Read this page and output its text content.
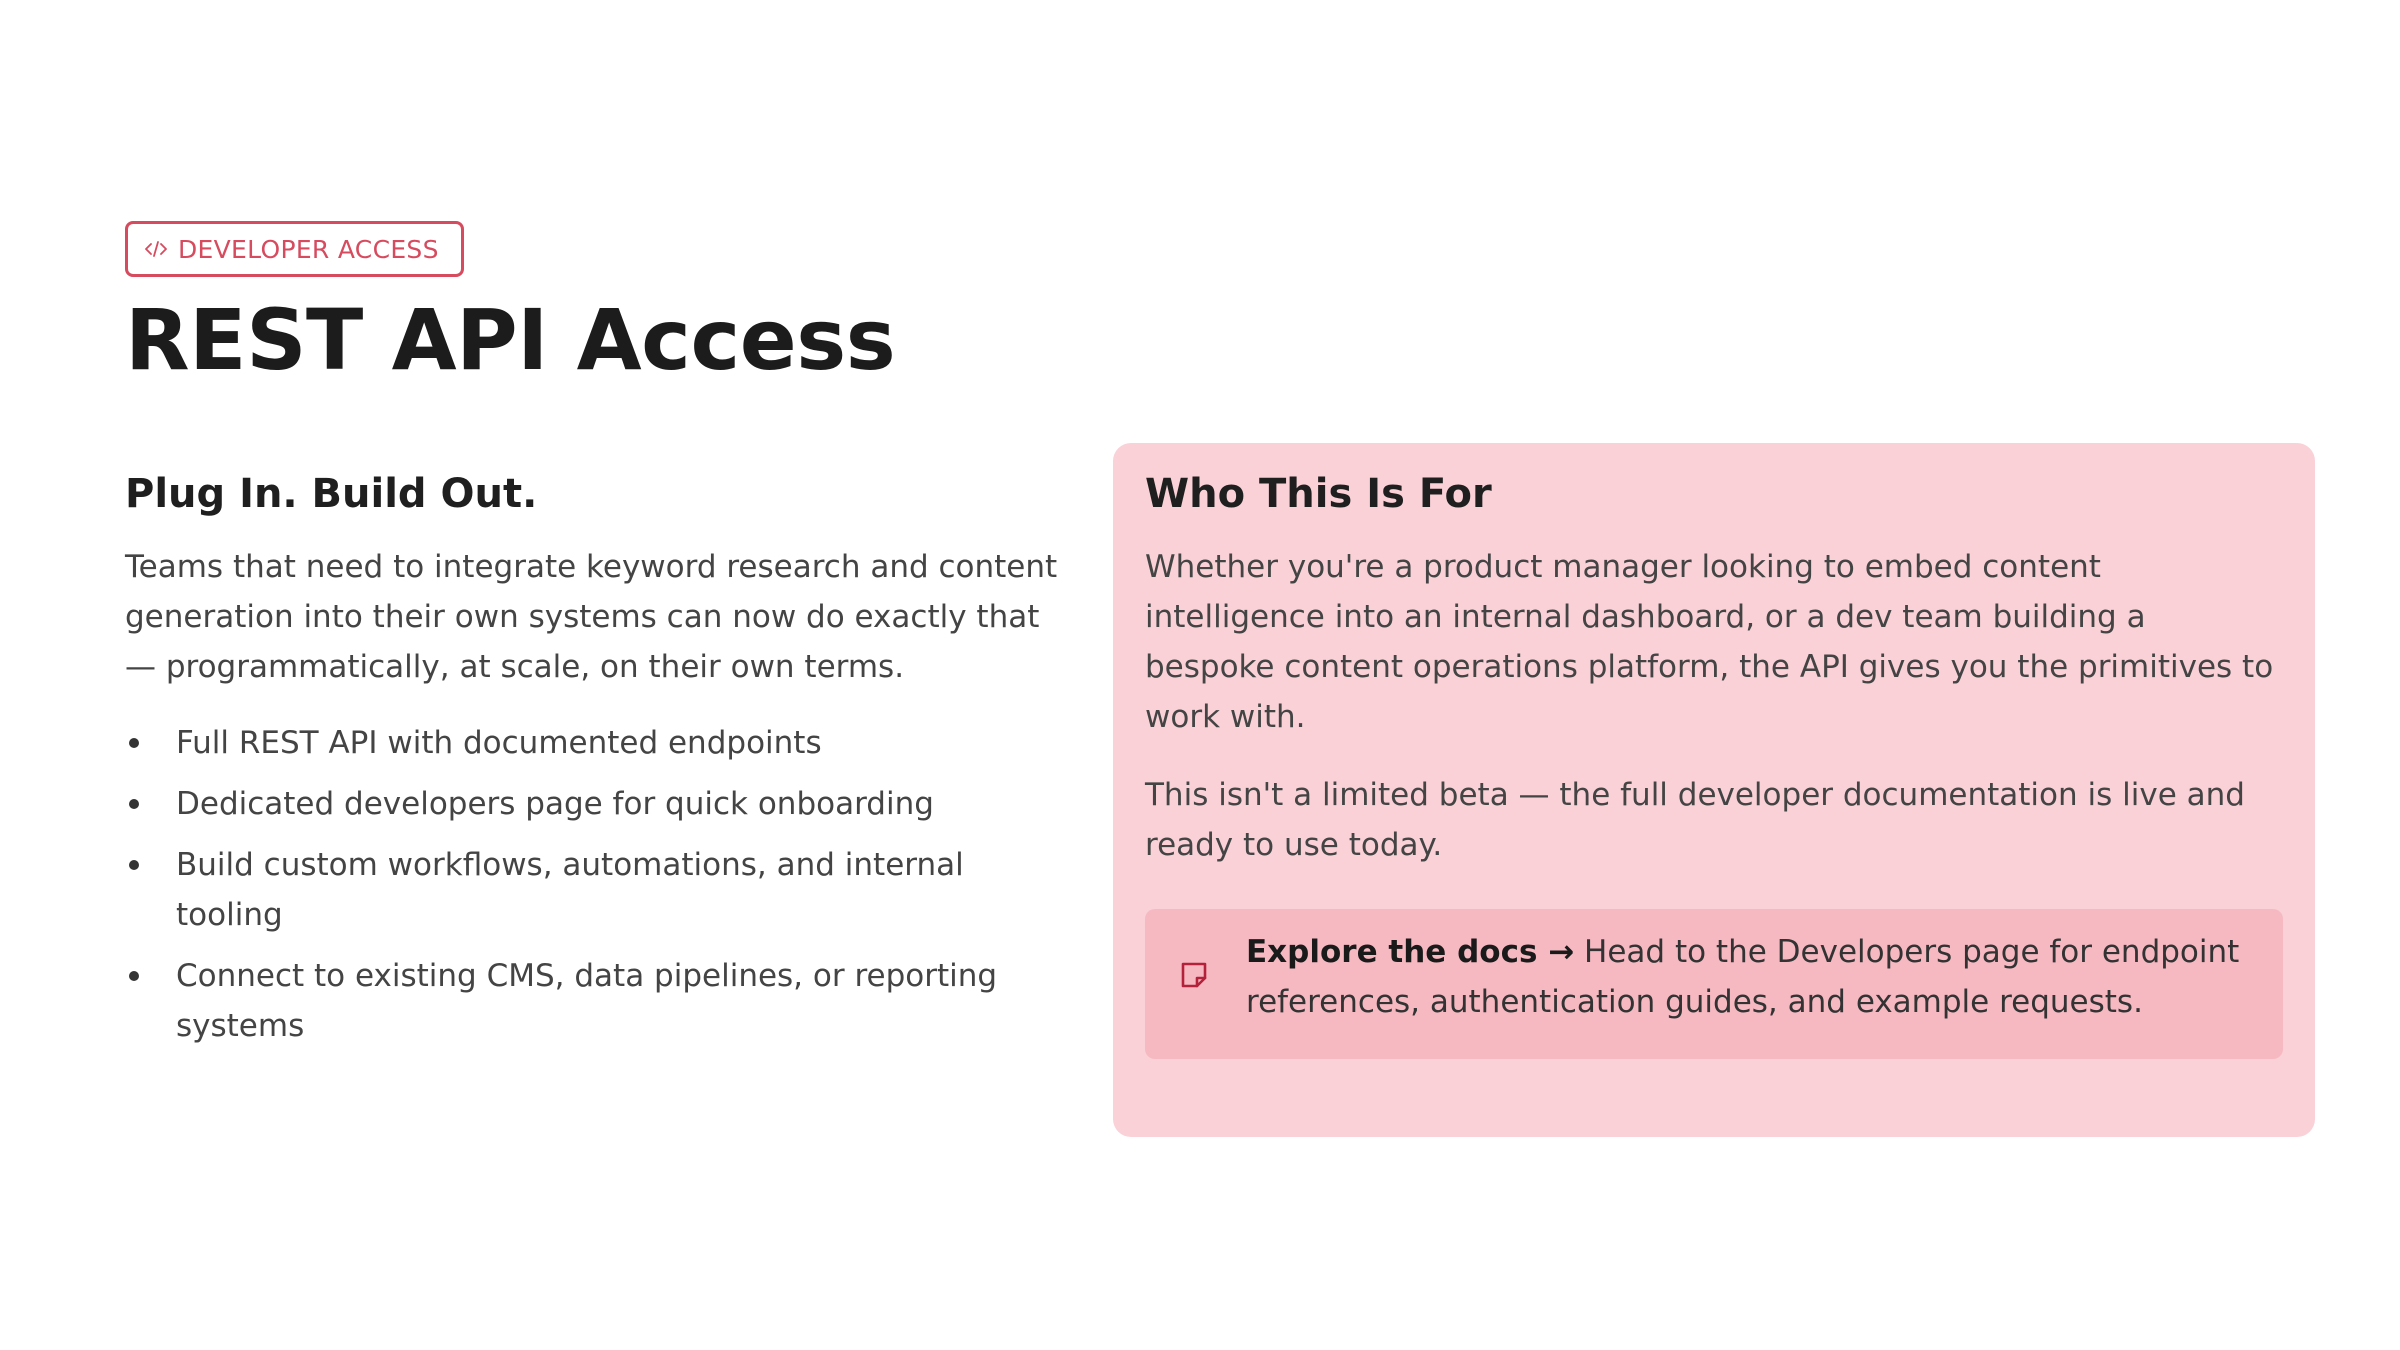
DEVELOPER ACCESS
REST API Access
Plug In. Build Out.

Teams that need to integrate keyword research and content generation into their own systems can now do exactly that — programmatically, at scale, on their own terms.

Full REST API with documented endpoints
Dedicated developers page for quick onboarding
Build custom workflows, automations, and internal tooling
Connect to existing CMS, data pipelines, or reporting systems
Who This Is For

Whether you're a product manager looking to embed content intelligence into an internal dashboard, or a dev team building a bespoke content operations platform, the API gives you the primitives to work with.

This isn't a limited beta — the full developer documentation is live and ready to use today.

Explore the docs → Head to the Developers page for endpoint references, authentication guides, and example requests.
